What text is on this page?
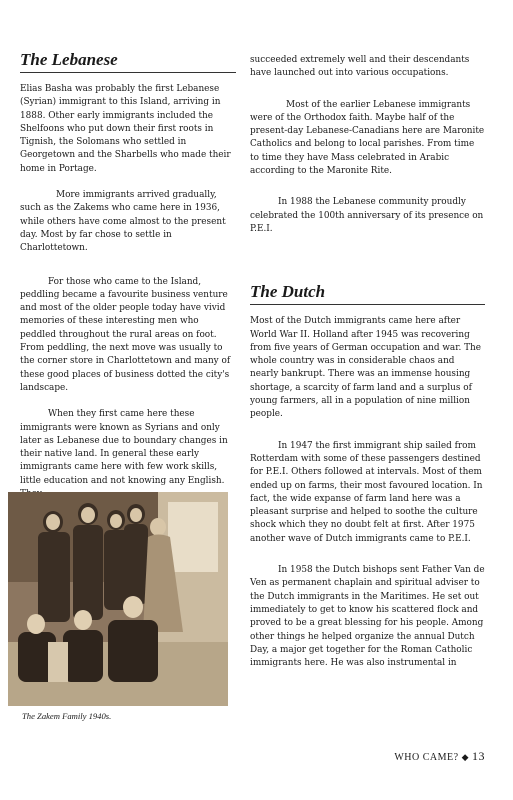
The Lebanese

Elias Basha was probably the first Lebanese (Syrian) immigrant to this Island, arriving in 1888. Other early immigrants included the Shelfoons who put down their first roots in Tignish, the Solomans who settled in Georgetown and the Sharbells who made their home in Portage.

More immigrants arrived gradually, such as the Zakems who came here in 1936, while others have come almost to the present day. Most by far chose to settle in Charlottetown.

For those who came to the Island, peddling became a favourite business venture and most of the older people today have vivid memories of these interesting men who peddled throughout the rural areas on foot. From peddling, the next move was usually to the corner store in Charlottetown and many of these good places of business dotted the city's landscape.

When they first came here these immigrants were known as Syrians and only later as Lebanese due to boundary changes in their native land. In general these early immigrants came here with few work skills, little education and not knowing any English.

The Zakem Family 1940s.

succeeded extremely well and their descendants have launched out into various occupations.

Most of the earlier Lebanese immigrants were of the Orthodox faith. Maybe half of the present-day Lebanese-Canadians here are Maronite Catholics and belong to local parishes. From time to time they have Mass celebrated in Arabic according to the Maronite Rite.

In 1988 the Lebanese community proudly celebrated the 100th anniversary of its presence on P.E.I.

The Dutch

Most of the Dutch immigrants came here after World War II. Holland after 1945 was recovering from five years of German occupation and war. The whole country was in considerable chaos and nearly bankrupt. There was an immense housing shortage, a scarcity of farm land and a surplus of young farmers, all in a population of nine million people.

In 1947 the first immigrant ship sailed from Rotterdam with some of these passengers destined for P.E.I. Others followed at intervals. Most of them ended up on farms, their most favoured location. In fact, the wide expanse of farm land here was a pleasant surprise and helped to soothe the culture shock which they no doubt felt at first. After 1975 another wave of Dutch immigrants came to P.E.I.

In 1958 the Dutch bishops sent Father Van de Ven as permanent chaplain and spiritual adviser to the Dutch immigrants in the Maritimes. He set out immediately to get to know his scattered flock and proved to be a great blessing for his people. Among other things he helped organize the annual Dutch Day, a major get together for the Roman Catholic immigrants here. He was also instrumental in

WHO CAME? ◆ 13
